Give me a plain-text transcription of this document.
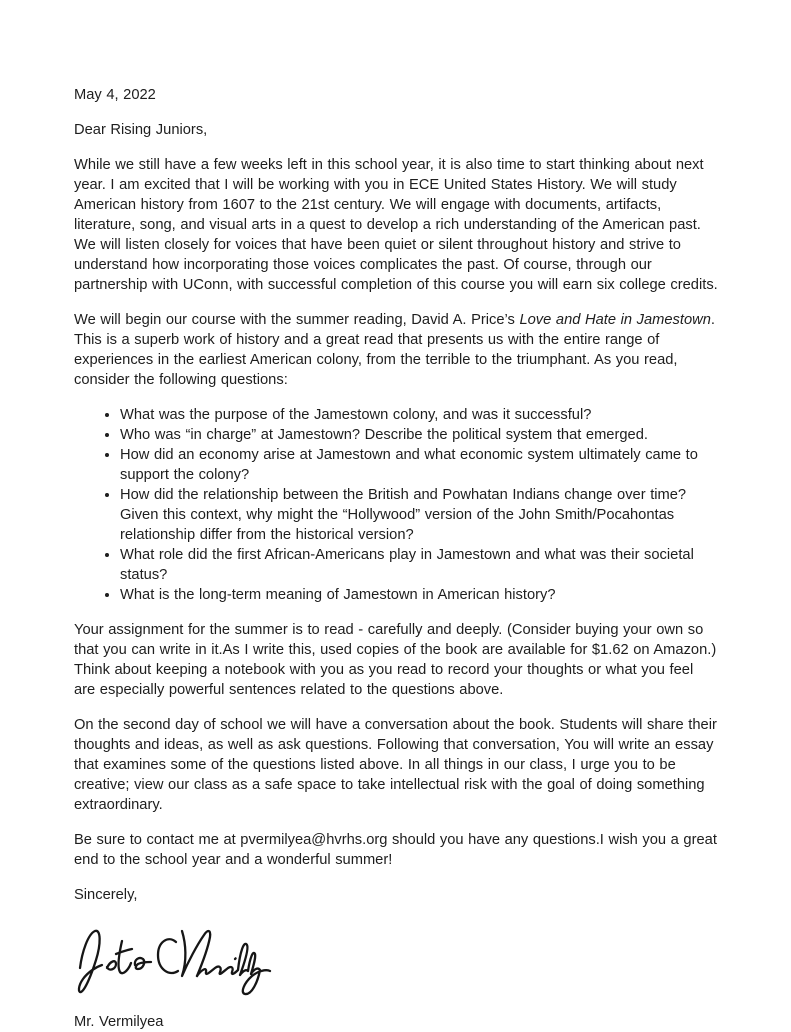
May 4, 2022

Dear Rising Juniors,

While we still have a few weeks left in this school year, it is also time to start thinking about next year. I am excited that I will be working with you in ECE United States History. We will study American history from 1607 to the 21st century. We will engage with documents, artifacts, literature, song, and visual arts in a quest to develop a rich understanding of the American past. We will listen closely for voices that have been quiet or silent throughout history and strive to understand how incorporating those voices complicates the past. Of course, through our partnership with UConn, with successful completion of this course you will earn six college credits.

We will begin our course with the summer reading, David A. Price’s Love and Hate in Jamestown. This is a superb work of history and a great read that presents us with the entire range of experiences in the earliest American colony, from the terrible to the triumphant. As you read, consider the following questions:

• What was the purpose of the Jamestown colony, and was it successful?
• Who was “in charge” at Jamestown? Describe the political system that emerged.
• How did an economy arise at Jamestown and what economic system ultimately came to support the colony?
• How did the relationship between the British and Powhatan Indians change over time? Given this context, why might the “Hollywood” version of the John Smith/Pocahontas relationship differ from the historical version?
• What role did the first African-Americans play in Jamestown and what was their societal status?
• What is the long-term meaning of Jamestown in American history?

Your assignment for the summer is to read - carefully and deeply. (Consider buying your own so that you can write in it.As I write this, used copies of the book are available for $1.62 on Amazon.) Think about keeping a notebook with you as you read to record your thoughts or what you feel are especially powerful sentences related to the questions above.

On the second day of school we will have a conversation about the book. Students will share their thoughts and ideas, as well as ask questions. Following that conversation, You will write an essay that examines some of the questions listed above. In all things in our class, I urge you to be creative; view our class as a safe space to take intellectual risk with the goal of doing something extraordinary.

Be sure to contact me at pvermilyea@hvrhs.org should you have any questions.I wish you a great end to the school year and a wonderful summer!

Sincerely,

Mr. Vermilyea
